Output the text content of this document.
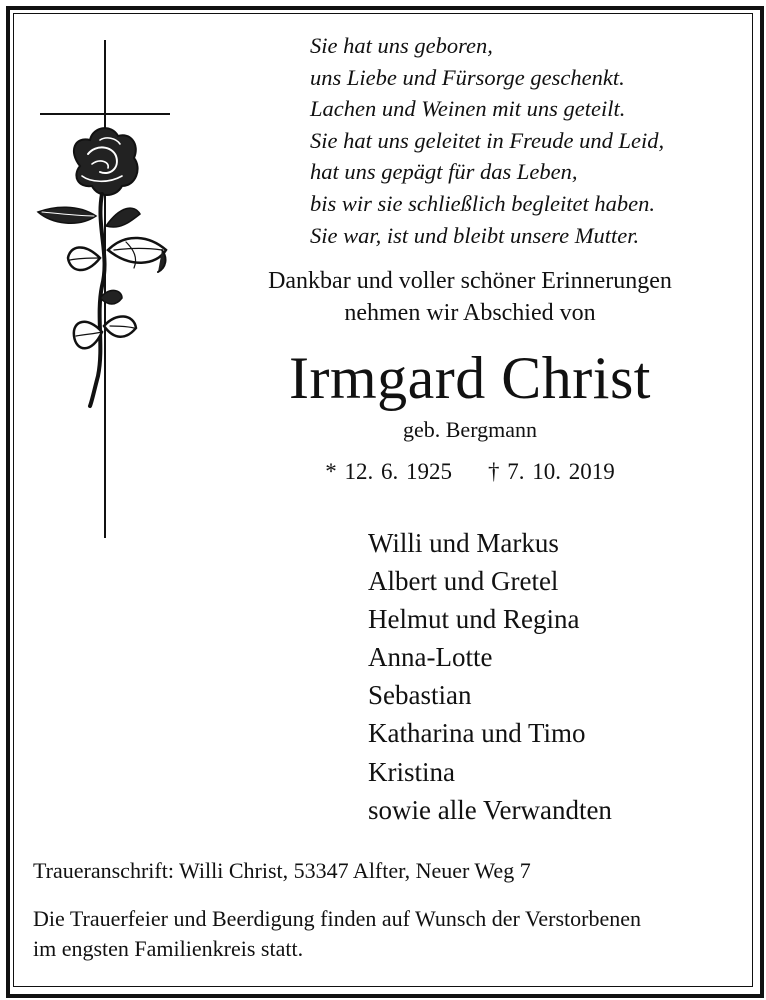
Sie hat uns geboren,
uns Liebe und Fürsorge geschenkt.
Lachen und Weinen mit uns geteilt.
Sie hat uns geleitet in Freude und Leid,
hat uns gepägt für das Leben,
bis wir sie schließlich begleitet haben.
Sie war, ist und bleibt unsere Mutter.
Dankbar und voller schöner Erinnerungen
nehmen wir Abschied von
Irmgard Christ
geb. Bergmann
* 12. 6. 1925 † 7. 10. 2019
Willi und Markus
Albert und Gretel
Helmut und Regina
Anna-Lotte
Sebastian
Katharina und Timo
Kristina
sowie alle Verwandten
Traueranschrift: Willi Christ, 53347 Alfter, Neuer Weg 7
Die Trauerfeier und Beerdigung finden auf Wunsch der Verstorbenen
im engsten Familienkreis statt.
